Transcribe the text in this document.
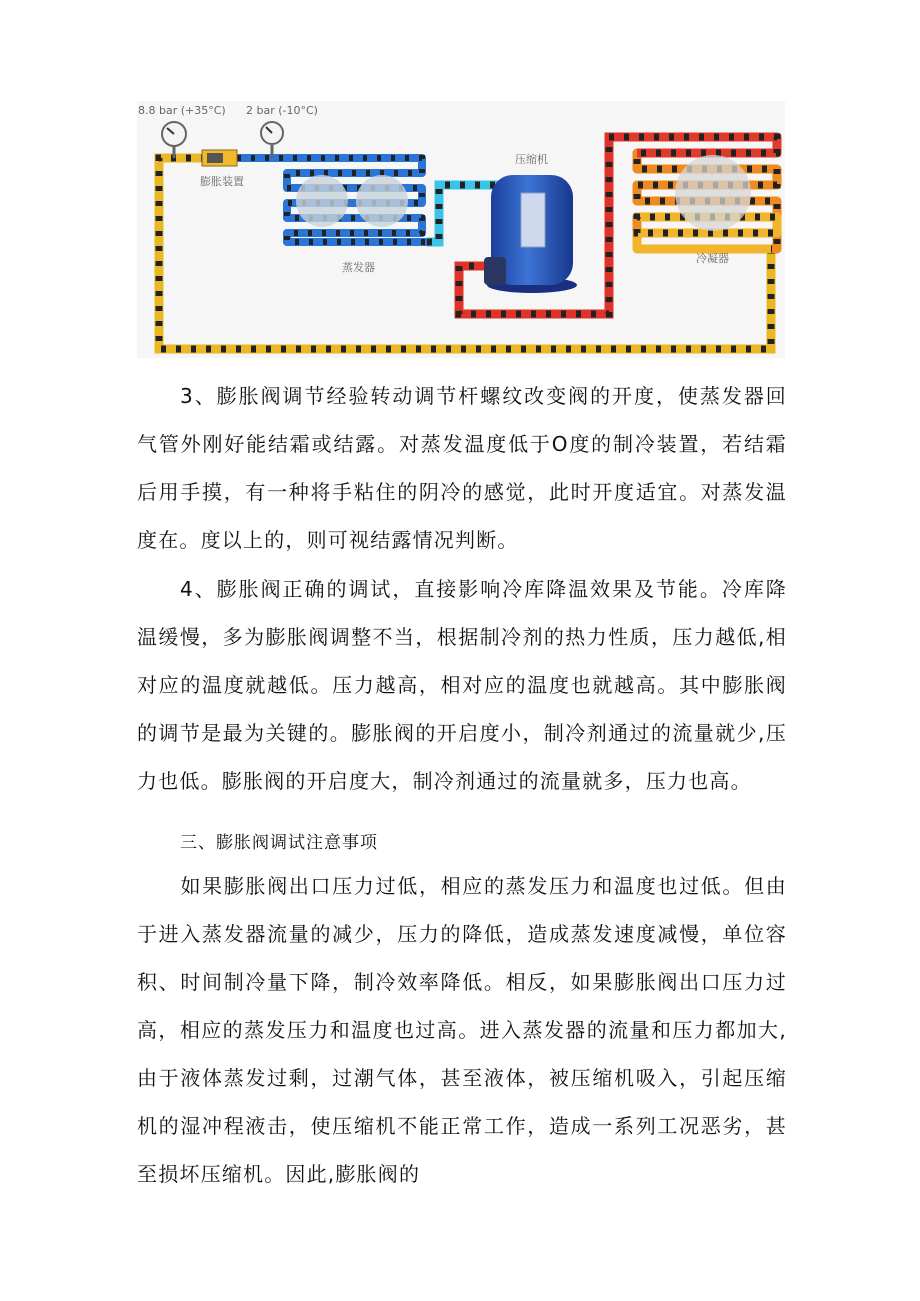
8.8 bar (+35°C) 2 bar (-10°C)
膨胀装置
压缩机
蒸发器
冷凝器

3、膨胀阀调节经验转动调节杆螺纹改变阀的开度，使蒸发器回气管外刚好能结霜或结露。对蒸发温度低于O度的制冷装置，若结霜后用手摸，有一种将手粘住的阴冷的感觉，此时开度适宜。对蒸发温度在。度以上的，则可视结露情况判断。

4、膨胀阀正确的调试，直接影响冷库降温效果及节能。冷库降温缓慢，多为膨胀阀调整不当，根据制冷剂的热力性质，压力越低,相对应的温度就越低。压力越高，相对应的温度也就越高。其中膨胀阀的调节是最为关键的。膨胀阀的开启度小，制冷剂通过的流量就少,压力也低。膨胀阀的开启度大，制冷剂通过的流量就多，压力也高。

三、膨胀阀调试注意事项

如果膨胀阀出口压力过低，相应的蒸发压力和温度也过低。但由于进入蒸发器流量的减少，压力的降低，造成蒸发速度减慢，单位容积、时间制冷量下降，制冷效率降低。相反，如果膨胀阀出口压力过高，相应的蒸发压力和温度也过高。进入蒸发器的流量和压力都加大,由于液体蒸发过剩，过潮气体，甚至液体，被压缩机吸入，引起压缩机的湿冲程液击，使压缩机不能正常工作，造成一系列工况恶劣，甚至损坏压缩机。因此,膨胀阀的
